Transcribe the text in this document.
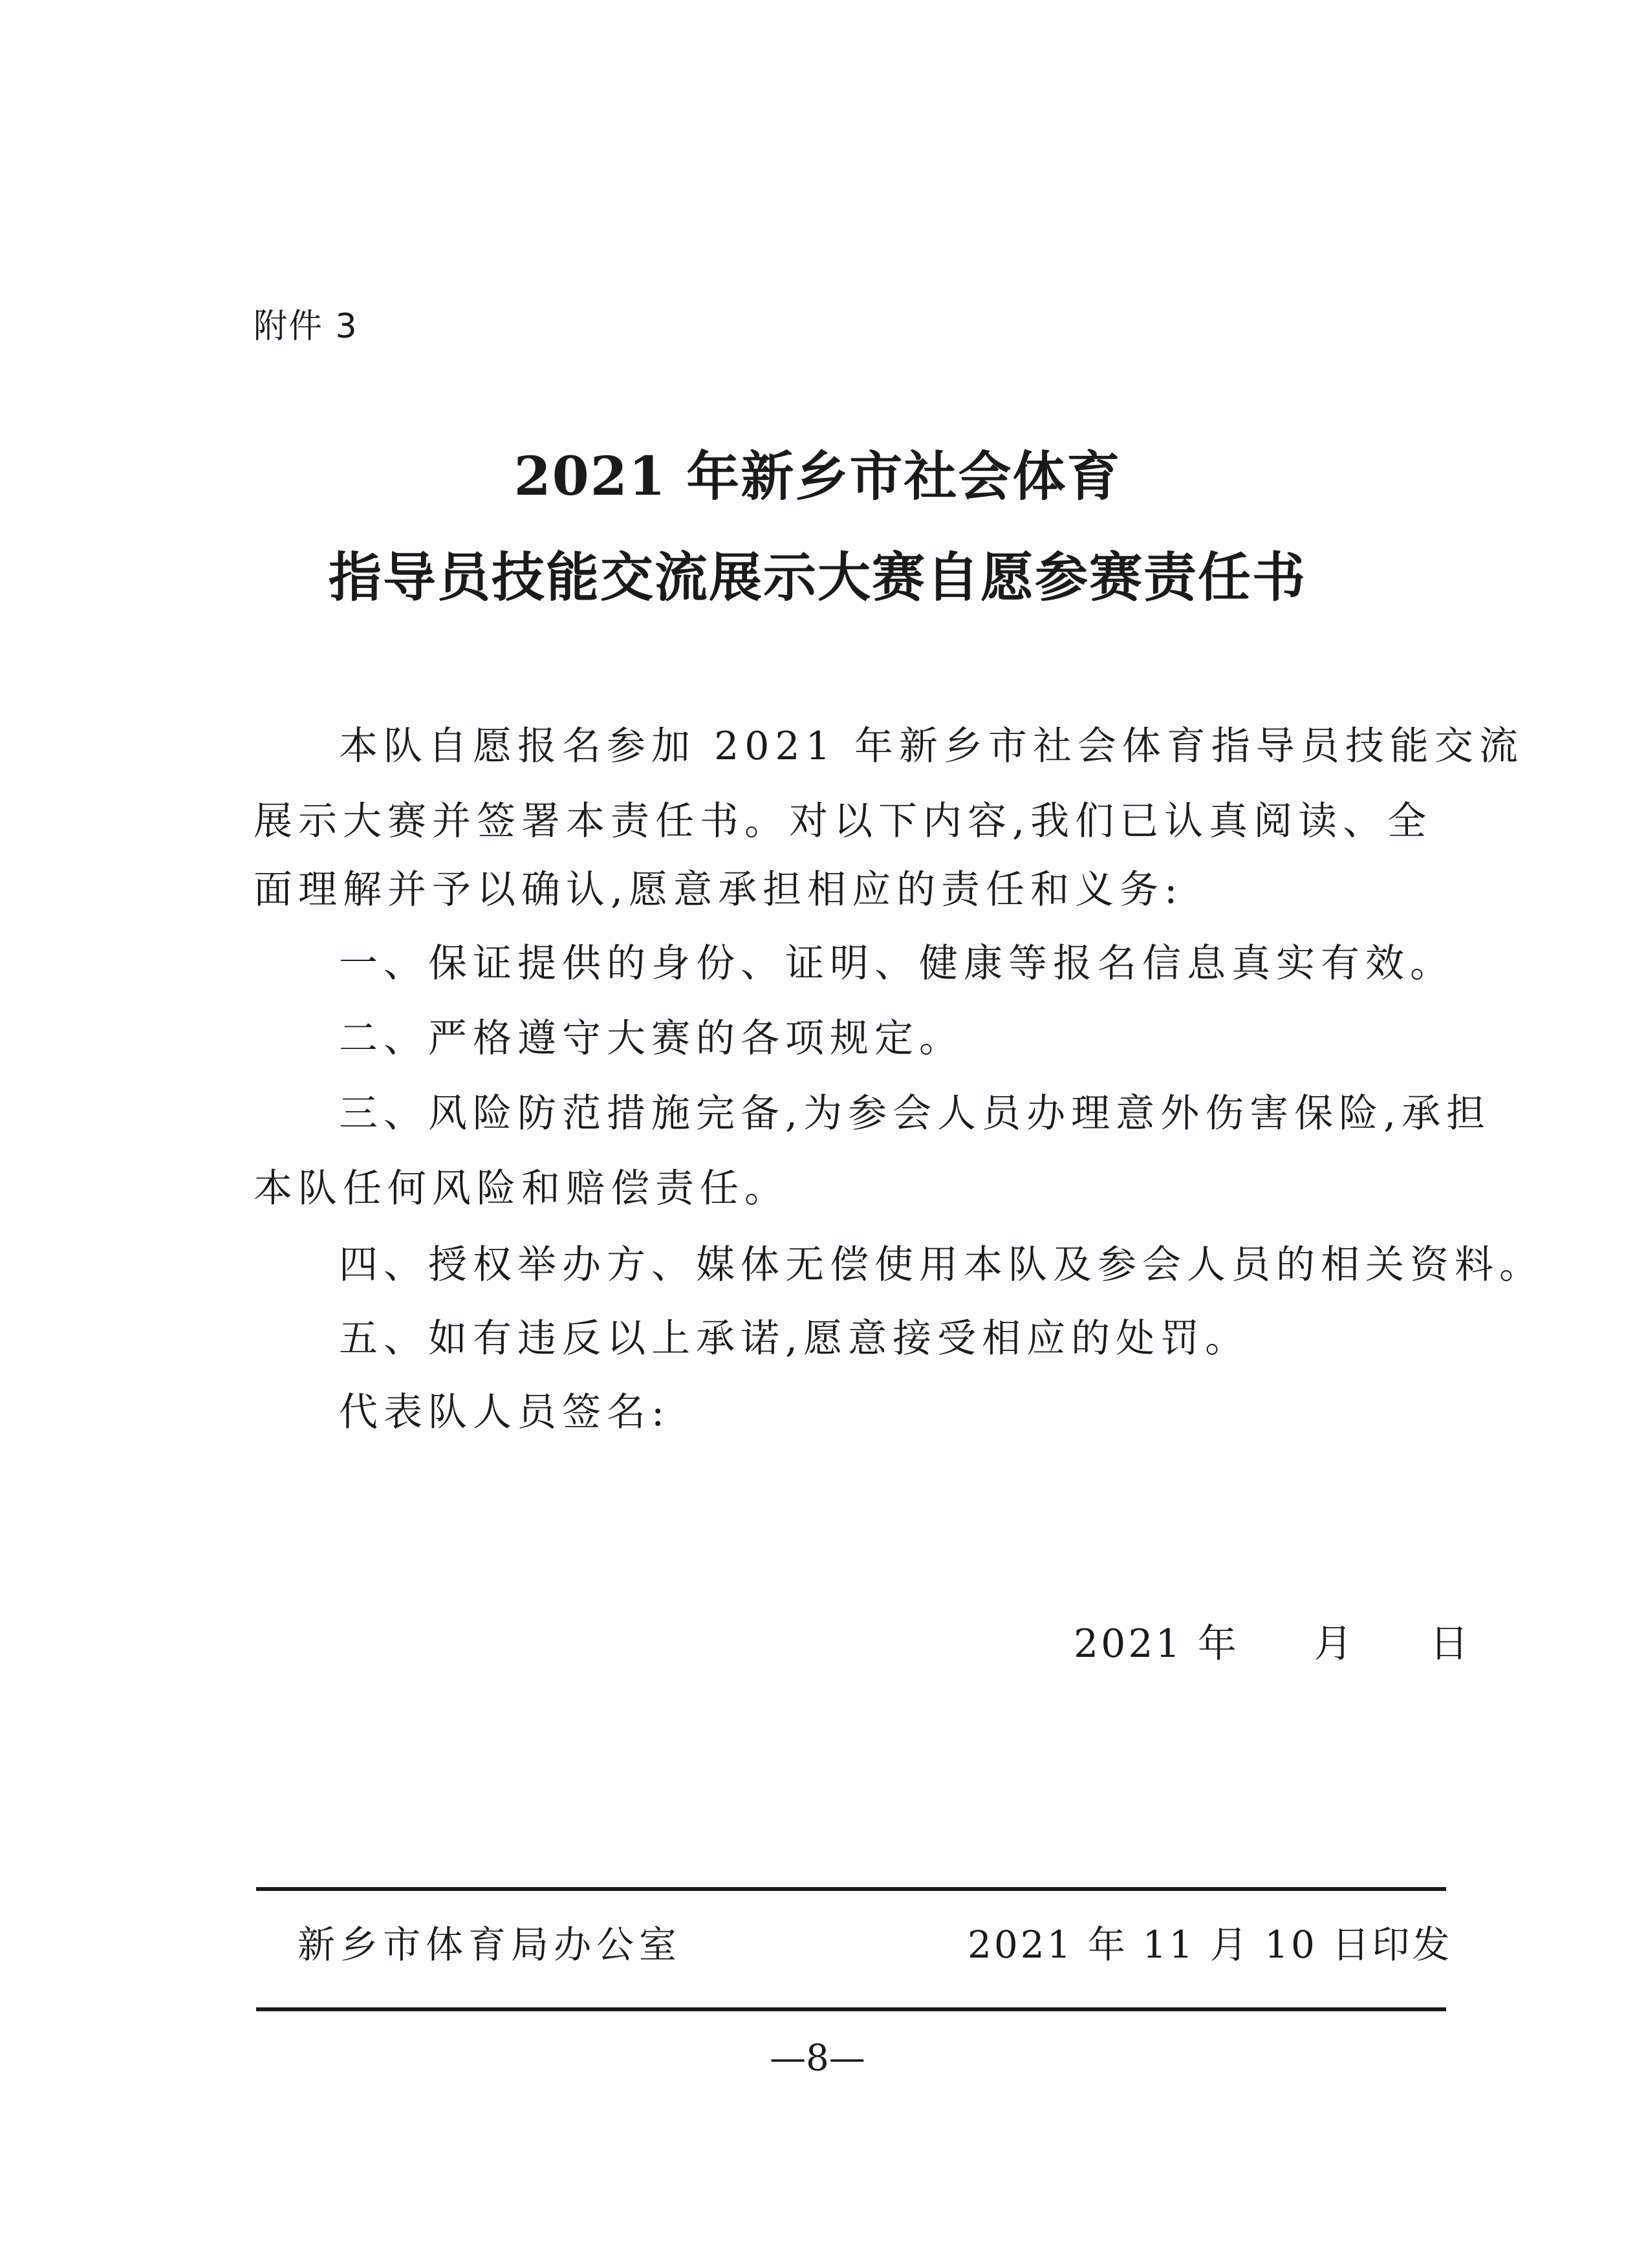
附件 3
2021 年新乡市社会体育
指导员技能交流展示大赛自愿参赛责任书
本队自愿报名参加 2021 年新乡市社会体育指导员技能交流
展示大赛并签署本责任书。对以下内容,我们已认真阅读、全
面理解并予以确认,愿意承担相应的责任和义务:
一、保证提供的身份、证明、健康等报名信息真实有效。
二、严格遵守大赛的各项规定。
三、风险防范措施完备,为参会人员办理意外伤害保险,承担
本队任何风险和赔偿责任。
四、授权举办方、媒体无偿使用本队及参会人员的相关资料。
五、如有违反以上承诺,愿意接受相应的处罚。
代表队人员签名:
2021 年     月     日
新乡市体育局办公室	2021 年 11 月 10 日印发
—8—
